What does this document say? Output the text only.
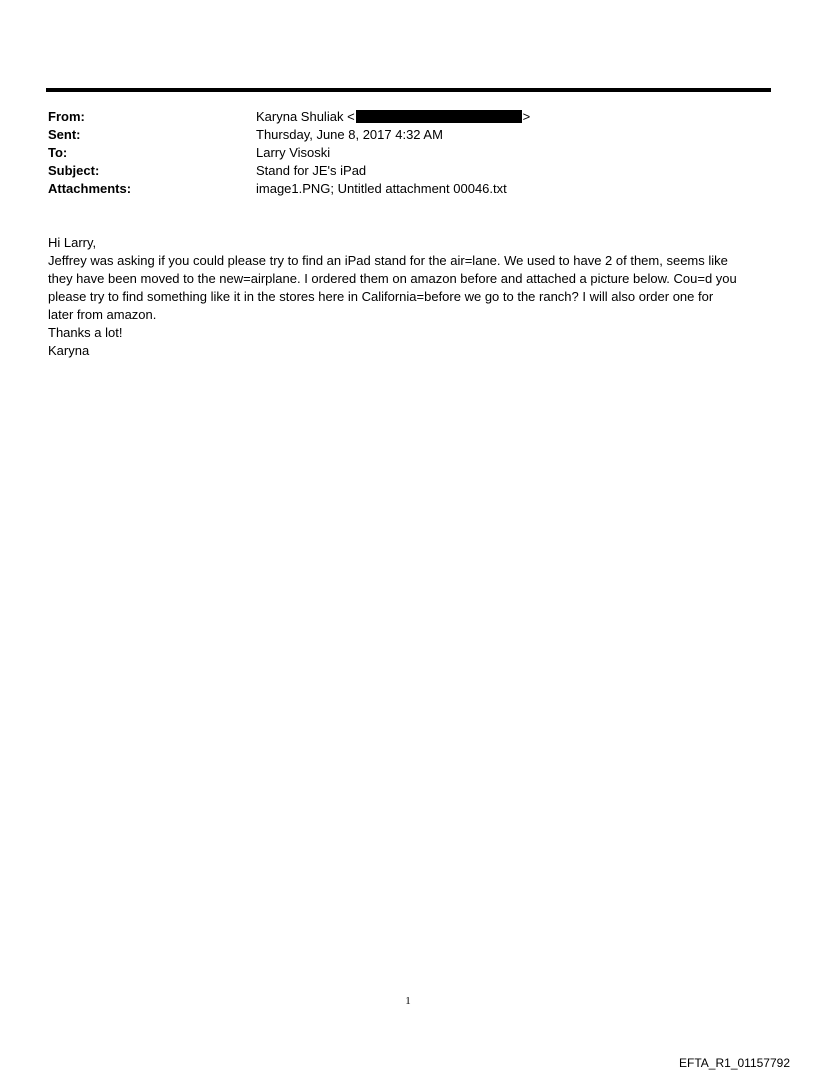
From:	Karyna Shuliak <	>
Sent:	Thursday, June 8, 2017 4:32 AM
To:	Larry Visoski
Subject:	Stand for JE's iPad
Attachments:	image1.PNG; Untitled attachment 00046.txt

Hi Larry,

Jeffrey was asking if you could please try to find an iPad stand for the air=lane. We used to have 2 of them, seems like

they have been moved to the new=airplane. I ordered them on amazon before and attached a picture below. Cou=d you

please try to find something like it in the stores here in California=before we go to the ranch? I will also order one for

later from amazon.

Thanks a lot!

Karyna

1
EFTA_R1_01157792
